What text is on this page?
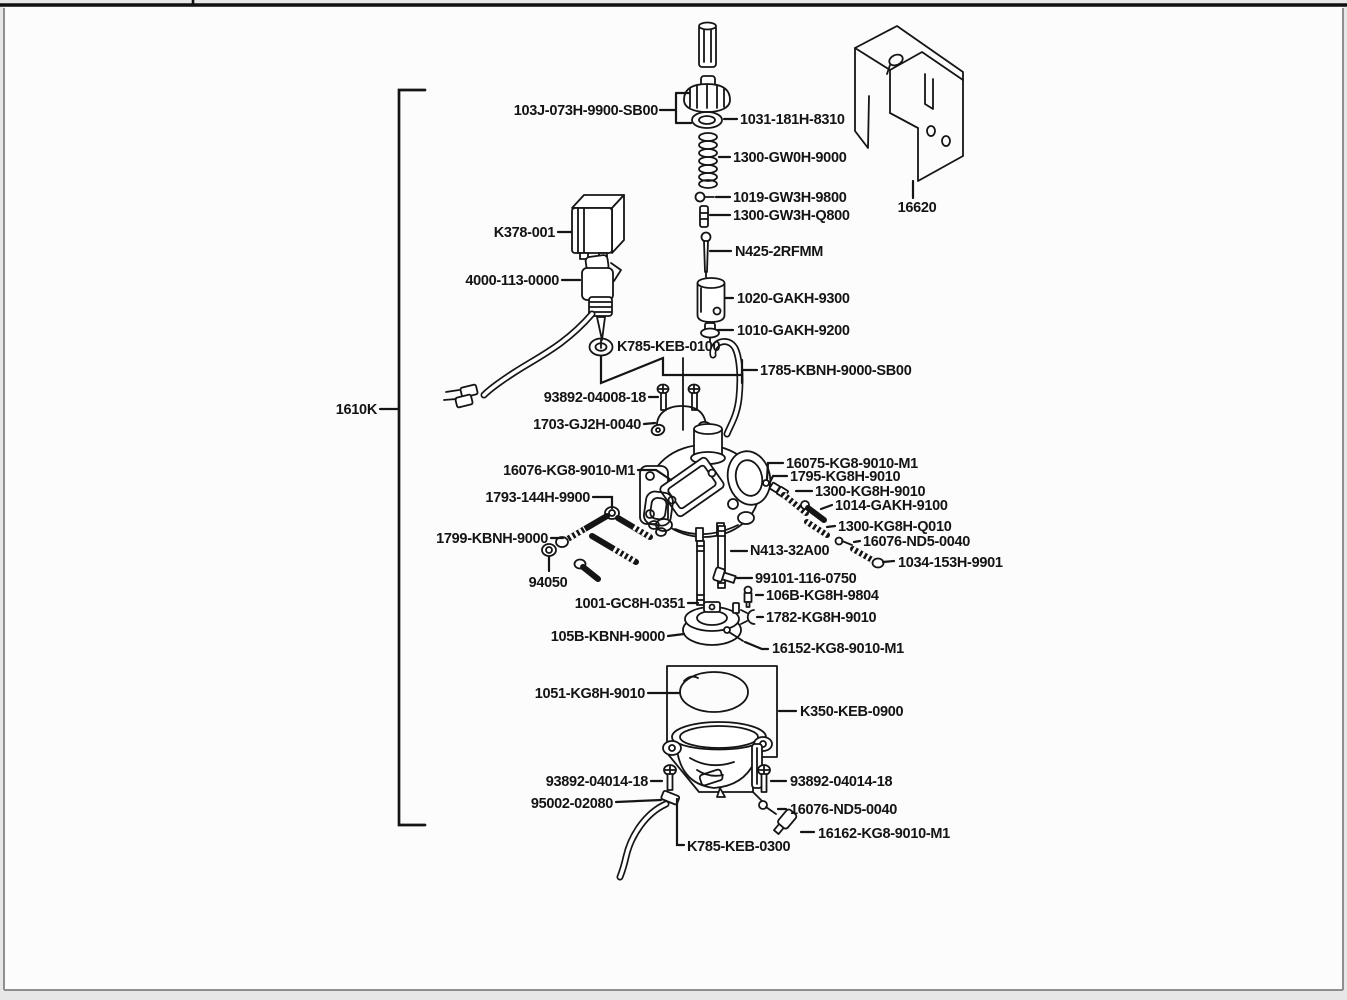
103J-073H-9900-SB00
1031-181H-8310
1300-GW0H-9000
1019-GW3H-9800
1300-GW3H-Q800
N425-2RFMM
K378-001
4000-113-0000
1020-GAKH-9300
1010-GAKH-9200
K785-KEB-0100
1785-KBNH-9000-SB00
93892-04008-18
1703-GJ2H-0040
16620
1610K
16076-KG8-9010-M1	16075-KG8-9010-M1
1795-KG8H-9010
1300-KG8H-9010
1014-GAKH-9100
1793-144H-9900
1300-KG8H-Q010
16076-ND5-0040
1799-KBNH-9000
N413-32A00
1034-153H-9901
94050	99101-116-0750
106B-KG8H-9804
1001-GC8H-0351
1782-KG8H-9010
105B-KBNH-9000
16152-KG8-9010-M1
1051-KG8H-9010
K350-KEB-0900
93892-04014-18	93892-04014-18
95002-02080	16076-ND5-0040
K785-KEB-0300
16162-KG8-9010-M1
